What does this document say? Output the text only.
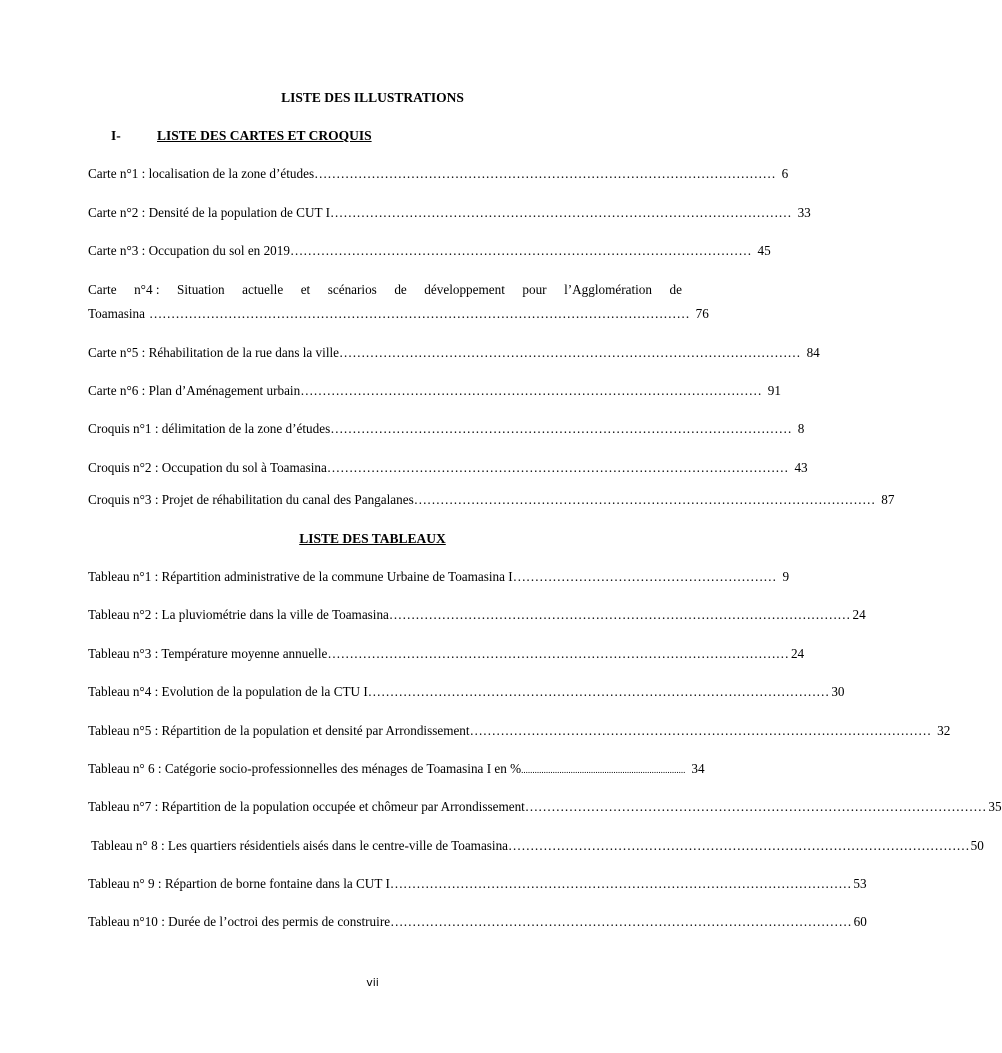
LISTE DES ILLUSTRATIONS
I-	LISTE DES CARTES ET CROQUIS
Carte n°1 : localisation de la zone d’études …………………………………………………………………………………………… 6
Carte n°2 : Densité de la population de CUT I …………………………………………………………………………………………… 33
Carte n°3 : Occupation du sol en 2019 …………………………………………………………………………………………… 45
Carte n°4 : Situation actuelle et scénarios de développement pour l’Agglomération de
Toamasina …………………………………………………………………………………………………………… 76
Carte n°5 : Réhabilitation de la rue dans la ville …………………………………………………………………………………………… 84
Carte n°6 : Plan d’Aménagement urbain …………………………………………………………………………………………… 91
Croquis n°1 : délimitation de la zone d’études …………………………………………………………………………………………… 8
Croquis n°2 : Occupation du sol à Toamasina …………………………………………………………………………………………… 43
Croquis n°3 : Projet de réhabilitation du canal des Pangalanes …………………………………………………………………………………………… 87
LISTE DES TABLEAUX
Tableau n°1 : Répartition administrative de la commune Urbaine de Toamasina I …………………………………………………… 9
Tableau n°2 : La pluviométrie dans la ville de Toamasina …………………………………………………………………………………………… 24
Tableau n°3 : Température moyenne annuelle …………………………………………………………………………………………… 24
Tableau n°4 : Evolution de la population de la CTU I …………………………………………………………………………………………… 30
Tableau n°5 : Répartition de la population et densité par Arrondissement …………………………………………………………………………………………… 32
Tableau n° 6 : Catégorie socio-professionnelles des ménages de Toamasina I en % ......................................................................... 34
Tableau n°7 : Répartition de la population occupée et chômeur par Arrondissement …………………………………………………………………………………………… 35
Tableau n° 8 : Les quartiers résidentiels aisés dans le centre-ville de Toamasina …………………………………………………………………………………………… 50
Tableau n° 9 : Répartion de borne fontaine dans la CUT I …………………………………………………………………………………………… 53
Tableau n°10 : Durée de l’octroi des permis de construire …………………………………………………………………………………………… 60
vii
